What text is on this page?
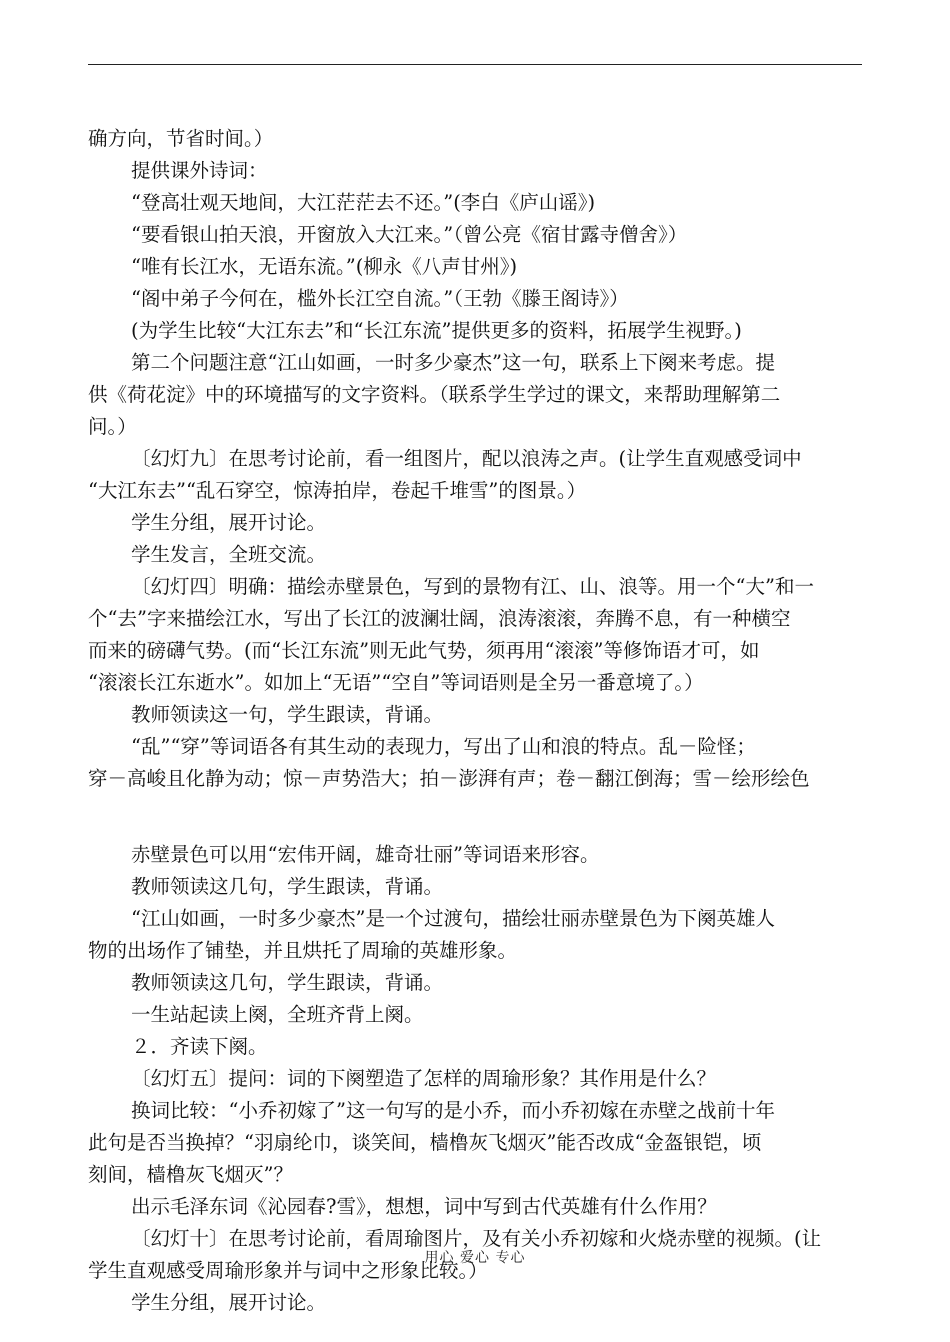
确方向，节省时间。）
提供课外诗词：
“登高壮观天地间，大江茫茫去不还。”(李白《庐山谣》)
“要看银山拍天浪，开窗放入大江来。”（曾公亮《宿甘露寺僧舍》）
“唯有长江水，无语东流。”(柳永《八声甘州》)
“阁中弟子今何在，槛外长江空自流。”（王勃《滕王阁诗》）
(为学生比较“大江东去”和“长江东流”提供更多的资料，拓展学生视野。)
第二个问题注意“江山如画，一时多少豪杰”这一句，联系上下阕来考虑。提
供《荷花淀》中的环境描写的文字资料。（联系学生学过的课文，来帮助理解第二
问。）
〔幻灯九〕在思考讨论前，看一组图片，配以浪涛之声。(让学生直观感受词中
“大江东去”“乱石穿空，惊涛拍岸，卷起千堆雪”的图景。）
学生分组，展开讨论。
学生发言，全班交流。
〔幻灯四〕明确：描绘赤壁景色，写到的景物有江、山、浪等。用一个“大”和一
个“去”字来描绘江水，写出了长江的波澜壮阔，浪涛滚滚，奔腾不息，有一种横空
而来的磅礴气势。(而“长江东流”则无此气势，须再用“滚滚”等修饰语才可，如
“滚滚长江东逝水”。如加上“无语”“空自”等词语则是全另一番意境了。）
教师领读这一句，学生跟读，背诵。
“乱”“穿”等词语各有其生动的表现力，写出了山和浪的特点。乱－险怪；
穿－高峻且化静为动；惊－声势浩大；拍－澎湃有声；卷－翻江倒海；雪－绘形绘色
赤壁景色可以用“宏伟开阔，雄奇壮丽”等词语来形容。
教师领读这几句，学生跟读，背诵。
“江山如画，一时多少豪杰”是一个过渡句，描绘壮丽赤壁景色为下阕英雄人
物的出场作了铺垫，并且烘托了周瑜的英雄形象。
教师领读这几句，学生跟读，背诵。
一生站起读上阕，全班齐背上阕。
２．齐读下阕。
〔幻灯五〕提问：词的下阕塑造了怎样的周瑜形象？其作用是什么？
换词比较：“小乔初嫁了”这一句写的是小乔，而小乔初嫁在赤壁之战前十年
此句是否当换掉？“羽扇纶巾，谈笑间，樯橹灰飞烟灭”能否改成“金盔银铠，顷
刻间，樯橹灰飞烟灭”？
出示毛泽东词《沁园春?雪》，想想，词中写到古代英雄有什么作用？
〔幻灯十〕在思考讨论前，看周瑜图片，及有关小乔初嫁和火烧赤壁的视频。(让
学生直观感受周瑜形象并与词中之形象比较。）
学生分组，展开讨论。
用心 爱心 专心
